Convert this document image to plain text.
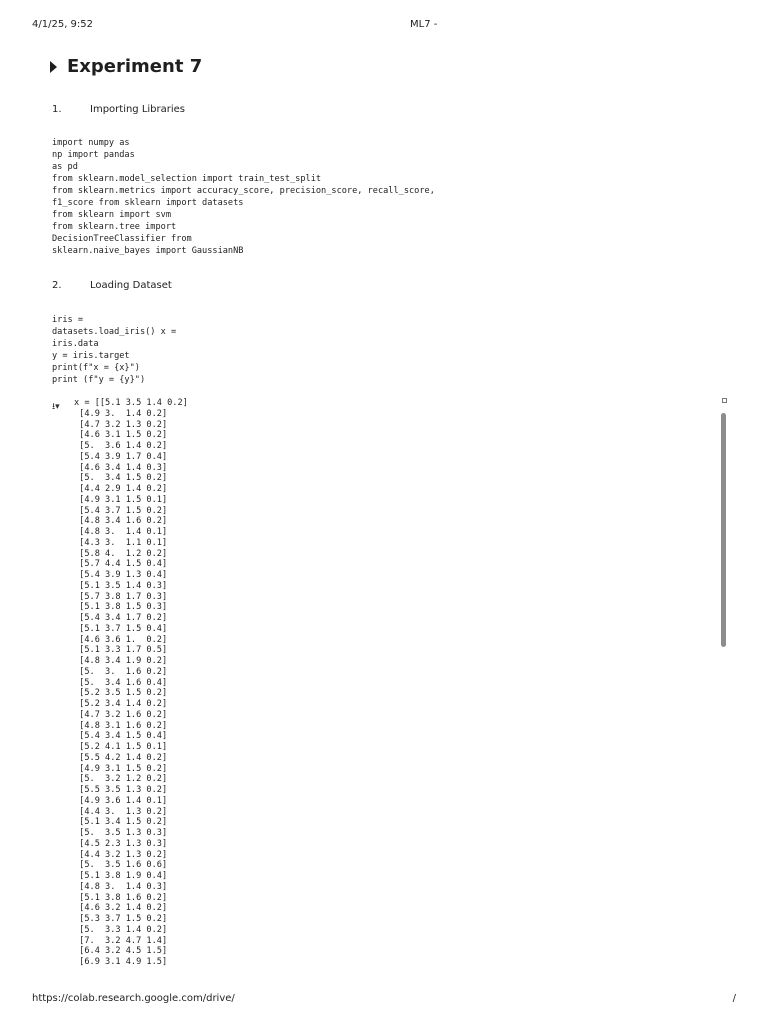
4/1/25, 9:52	ML7 -
Experiment 7
1.	Importing Libraries
import numpy as
np import pandas
as pd
from sklearn.model_selection import train_test_split
from sklearn.metrics import accuracy_score, precision_score, recall_score,
f1_score from sklearn import datasets
from sklearn import svm
from sklearn.tree import
DecisionTreeClassifier from
sklearn.naive_bayes import GaussianNB
2.	Loading Dataset
iris =
datasets.load_iris() x =
iris.data
y = iris.target
print(f"x = {x}")
print (f"y = {y}")
⭳▾ x = [[5.1 3.5 1.4 0.2]
[4.9 3.  1.4 0.2]
[4.7 3.2 1.3 0.2]
[4.6 3.1 1.5 0.2]
[5.  3.6 1.4 0.2]
[5.4 3.9 1.7 0.4]
[4.6 3.4 1.4 0.3]
[5.  3.4 1.5 0.2]
[4.4 2.9 1.4 0.2]
[4.9 3.1 1.5 0.1]
[5.4 3.7 1.5 0.2]
[4.8 3.4 1.6 0.2]
[4.8 3.  1.4 0.1]
[4.3 3.  1.1 0.1]
[5.8 4.  1.2 0.2]
[5.7 4.4 1.5 0.4]
[5.4 3.9 1.3 0.4]
[5.1 3.5 1.4 0.3]
[5.7 3.8 1.7 0.3]
[5.1 3.8 1.5 0.3]
[5.4 3.4 1.7 0.2]
[5.1 3.7 1.5 0.4]
[4.6 3.6 1.  0.2]
[5.1 3.3 1.7 0.5]
[4.8 3.4 1.9 0.2]
[5.  3.  1.6 0.2]
[5.  3.4 1.6 0.4]
[5.2 3.5 1.5 0.2]
[5.2 3.4 1.4 0.2]
[4.7 3.2 1.6 0.2]
[4.8 3.1 1.6 0.2]
[5.4 3.4 1.5 0.4]
[5.2 4.1 1.5 0.1]
[5.5 4.2 1.4 0.2]
[4.9 3.1 1.5 0.2]
[5.  3.2 1.2 0.2]
[5.5 3.5 1.3 0.2]
[4.9 3.6 1.4 0.1]
[4.4 3.  1.3 0.2]
[5.1 3.4 1.5 0.2]
[5.  3.5 1.3 0.3]
[4.5 2.3 1.3 0.3]
[4.4 3.2 1.3 0.2]
[5.  3.5 1.6 0.6]
[5.1 3.8 1.9 0.4]
[4.8 3.  1.4 0.3]
[5.1 3.8 1.6 0.2]
[4.6 3.2 1.4 0.2]
[5.3 3.7 1.5 0.2]
[5.  3.3 1.4 0.2]
[7.  3.2 4.7 1.4]
[6.4 3.2 4.5 1.5]
[6.9 3.1 4.9 1.5]
https://colab.research.google.com/drive/	/
